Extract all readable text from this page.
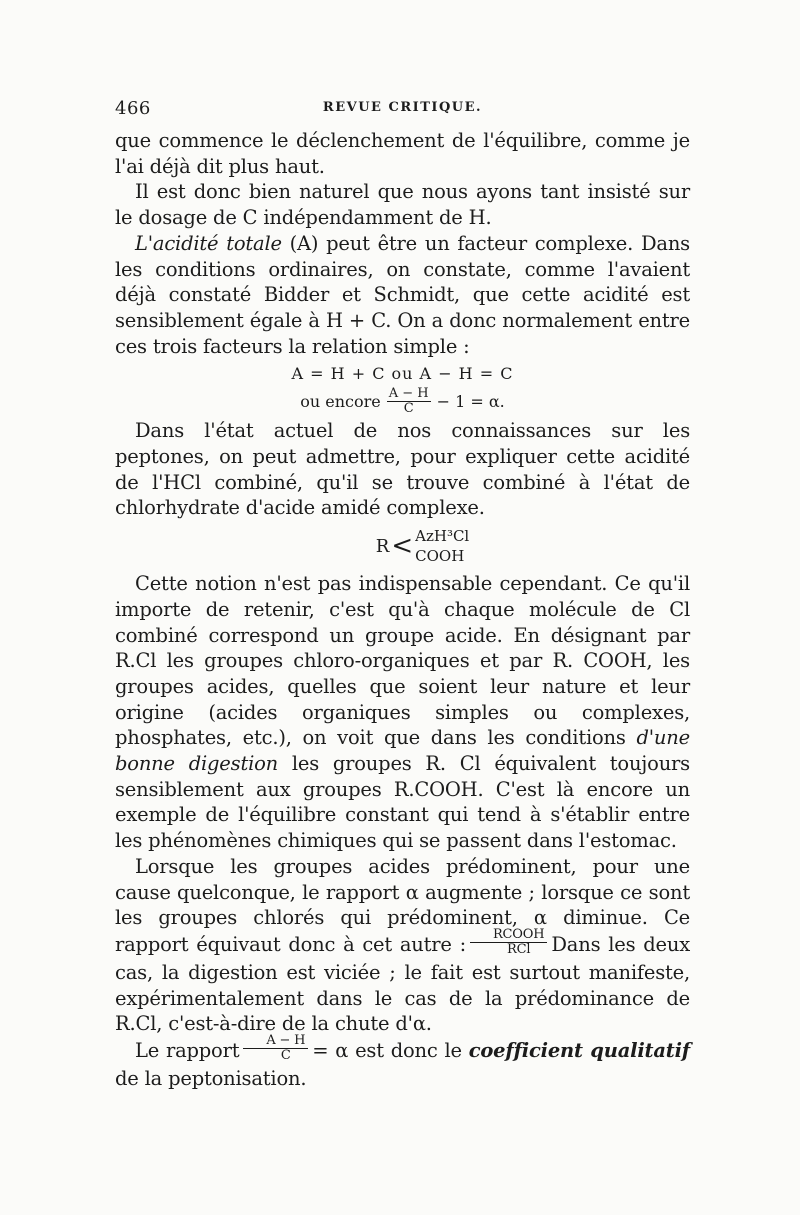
466	REVUE CRITIQUE.

que commence le déclenchement de l'équilibre, comme je l'ai déjà dit plus haut.

Il est donc bien naturel que nous ayons tant insisté sur le dosage de C indépendamment de H.

L'acidité totale (A) peut être un facteur complexe. Dans les conditions ordinaires, on constate, comme l'avaient déjà constaté Bidder et Schmidt, que cette acidité est sensiblement égale à H + C. On a donc normalement entre ces trois facteurs la relation simple :

A = H + C ou A − H = C
ou encore $\frac{A - H}{C} - 1 = \alpha$.

Dans l'état actuel de nos connaissances sur les peptones, on peut admettre, pour expliquer cette acidité de l'HCl combiné, qu'il se trouve combiné à l'état de chlorhydrate d'acide amidé complexe.

R < AzH³Cl
COOH

Cette notion n'est pas indispensable cependant. Ce qu'il importe de retenir, c'est qu'à chaque molécule de Cl combiné correspond un groupe acide. En désignant par R.Cl les groupes chloro-organiques et par R. COOH, les groupes acides, quelles que soient leur nature et leur origine (acides organiques simples ou complexes, phosphates, etc.), on voit que dans les conditions d'une bonne digestion les groupes R. Cl équivalent toujours sensiblement aux groupes R.COOH. C'est là encore un exemple de l'équilibre constant qui tend à s'établir entre les phénomènes chimiques qui se passent dans l'estomac.

Lorsque les groupes acides prédominent, pour une cause quelconque, le rapport α augmente ; lorsque ce sont les groupes chlorés qui prédominent, α diminue. Ce rapport équivaut donc à cet autre : $\frac{\text{RCOOH}}{\text{RCl}}$ Dans les deux cas, la digestion est viciée ; le fait est surtout manifeste, expérimentalement dans le cas de la prédominance de R.Cl, c'est-à-dire de la chute d'α.

Le rapport $\frac{A - H}{C} = \alpha$ est donc le coefficient qualitatif de la peptonisation.
